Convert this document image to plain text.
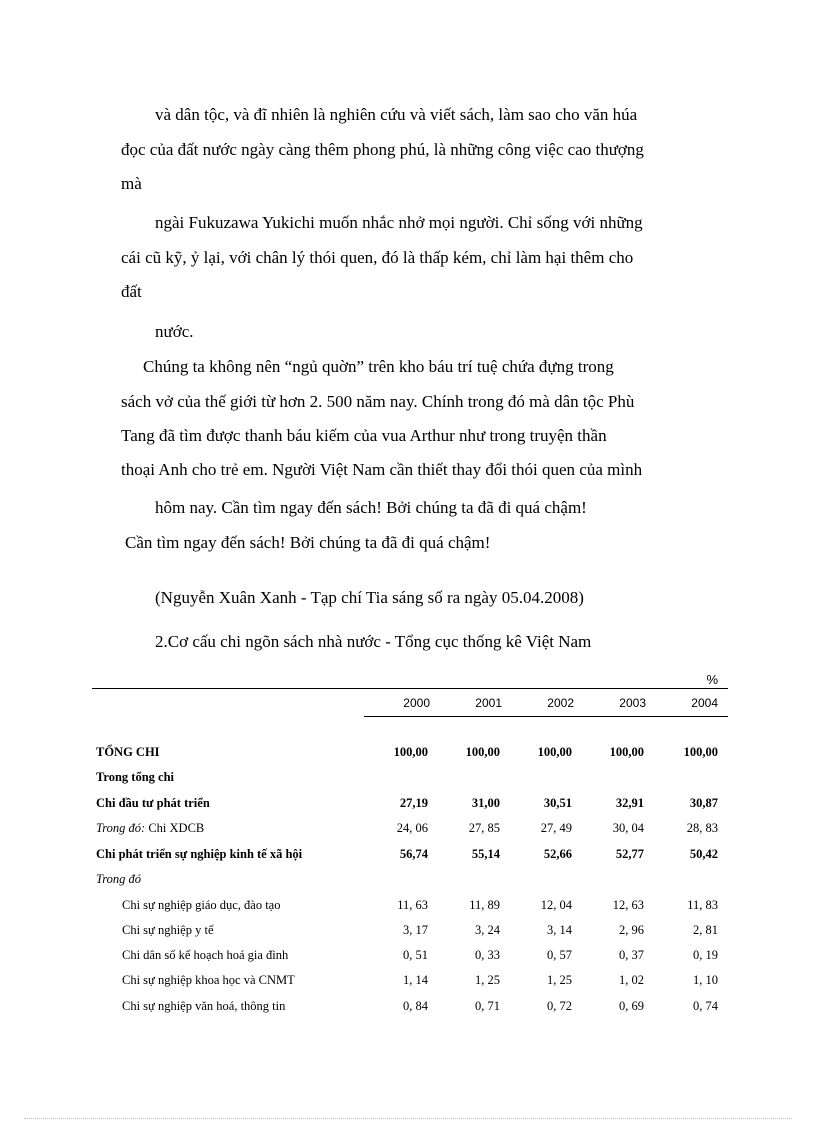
và dân tộc, và đĩ nhiên là nghiên cứu và viết sách, làm sao cho văn húa
đọc của đất nước ngày càng thêm phong phú, là những công việc cao thượng
mà
ngài Fukuzawa Yukichi muốn nhắc nhở mọi người. Chỉ sống với những
cái cũ kỹ, ỷ lại, với chân lý thói quen, đó là thấp kém, chỉ làm hại thêm cho
đất
nước.
Chúng ta không nên “ngủ quờn” trên kho báu trí tuệ chứa đựng trong
sách vở của thế giới từ hơn 2. 500 năm nay. Chính trong đó mà dân tộc Phù
Tang đã tìm được thanh báu kiếm của vua Arthur như trong truyện thần
thoại Anh cho trẻ em. Người Việt Nam cần thiết thay đổi thói quen của mình
hôm nay. Cần tìm ngay đến sách! Bởi chúng ta đã đi quá chậm!
Cần tìm ngay đến sách! Bởi chúng ta đã đi quá chậm!
(Nguyễn Xuân Xanh - Tạp chí Tia sáng số ra ngày 05.04.2008)
2.Cơ cấu chi ngõn sách nhà nước - Tổng cục thống kê Việt Nam
%
2000	2001	2002	2003	2004
TỔNG CHI	100,00	100,00	100,00	100,00	100,00
Trong tổng chi
Chi đầu tư phát triển	27,19	31,00	30,51	32,91	30,87
Trong đó: Chi XDCB	24, 06	27, 85	27, 49	30, 04	28, 83
Chi phát triển sự nghiệp kinh tế xã hội	56,74	55,14	52,66	52,77	50,42
Trong đó
Chi sự nghiệp giáo dục, đào tạo	11, 63	11, 89	12, 04	12, 63	11, 83
Chi sự nghiệp y tế	3, 17	3, 24	3, 14	2, 96	2, 81
Chi dân số kế hoạch hoá gia đình	0, 51	0, 33	0, 57	0, 37	0, 19
Chi sự nghiệp khoa học và CNMT	1, 14	1, 25	1, 25	1, 02	1, 10
Chi sự nghiệp văn hoá, thông tin	0, 84	0, 71	0, 72	0, 69	0, 74
